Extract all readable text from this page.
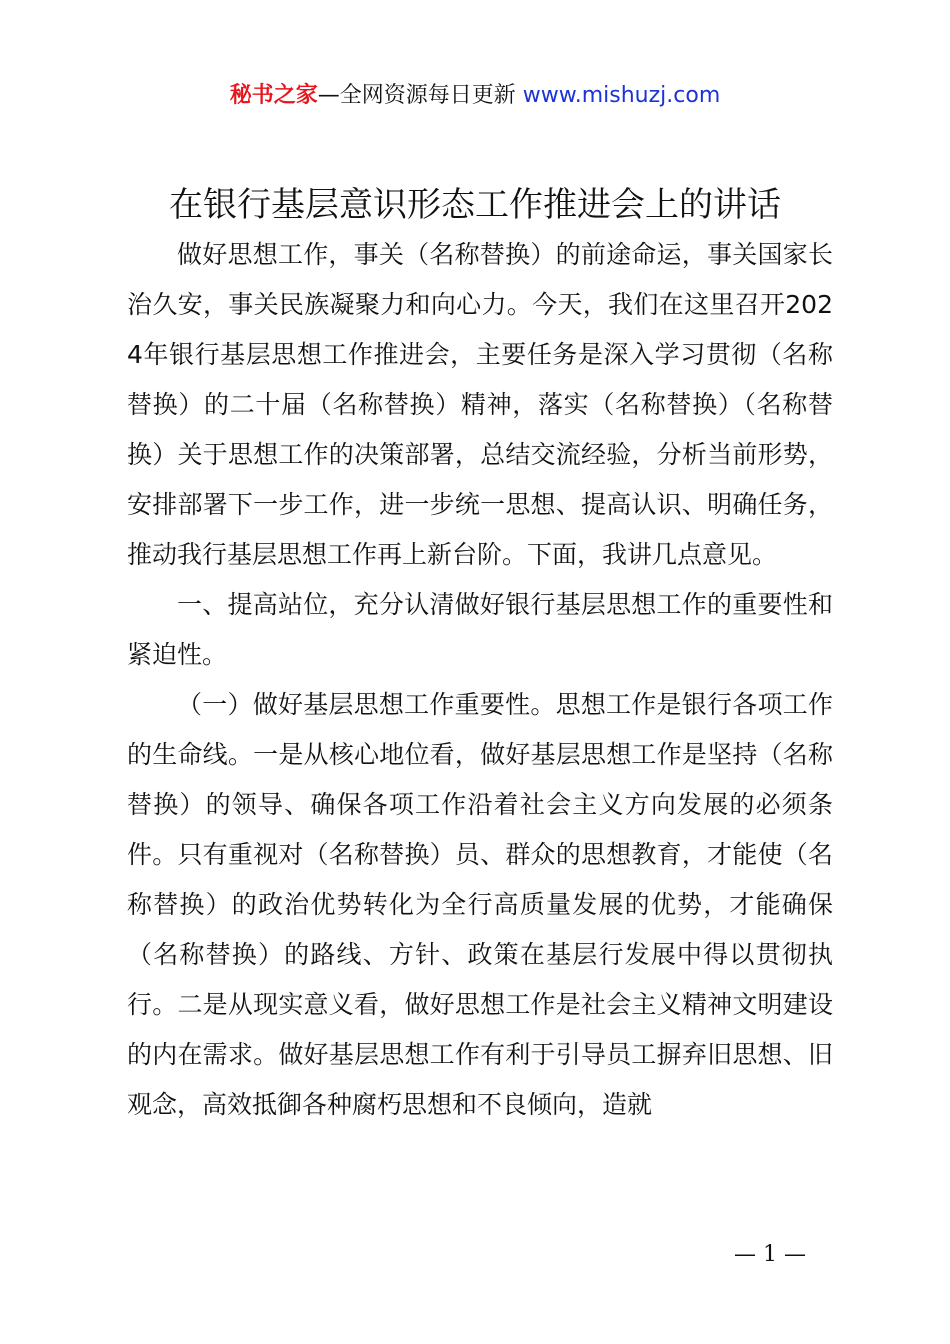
秘书之家—全网资源每日更新 www.mishuzj.com
在银行基层意识形态工作推进会上的讲话

做好思想工作，事关（名称替换）的前途命运，事关国家长治久安，事关民族凝聚力和向心力。今天，我们在这里召开2024年银行基层思想工作推进会，主要任务是深入学习贯彻（名称替换）的二十届（名称替换）精神，落实（名称替换）（名称替换）关于思想工作的决策部署，总结交流经验，分析当前形势，安排部署下一步工作，进一步统一思想、提高认识、明确任务，推动我行基层思想工作再上新台阶。下面，我讲几点意见。

一、提高站位，充分认清做好银行基层思想工作的重要性和紧迫性。

（一）做好基层思想工作重要性。思想工作是银行各项工作的生命线。一是从核心地位看，做好基层思想工作是坚持（名称替换）的领导、确保各项工作沿着社会主义方向发展的必须条件。只有重视对（名称替换）员、群众的思想教育，才能使（名称替换）的政治优势转化为全行高质量发展的优势，才能确保（名称替换）的路线、方针、政策在基层行发展中得以贯彻执行。二是从现实意义看，做好思想工作是社会主义精神文明建设的内在需求。做好基层思想工作有利于引导员工摒弃旧思想、旧观念，高效抵御各种腐朽思想和不良倾向，造就

— 1 —
